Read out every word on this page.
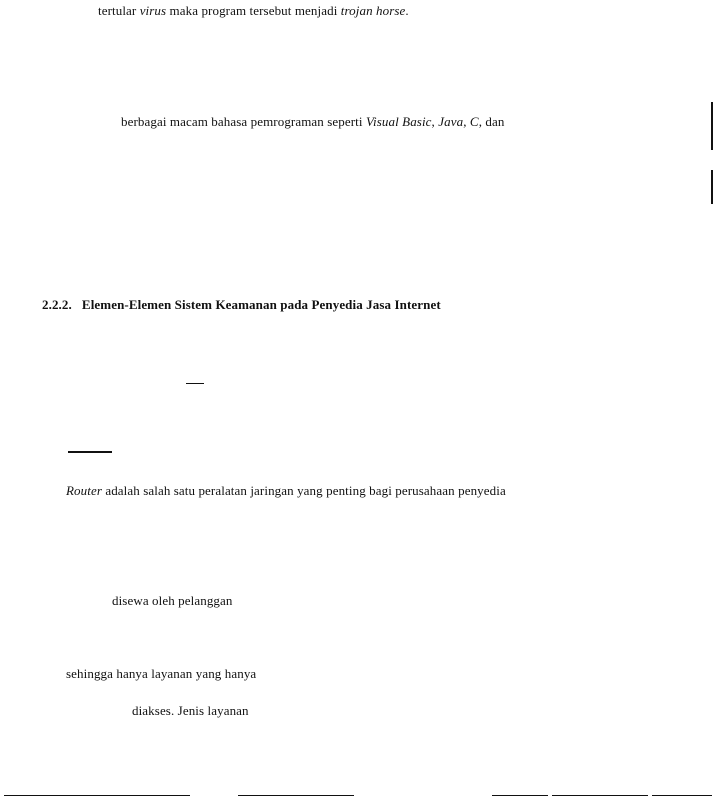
tertular virus maka program tersebut menjadi trojan horse.
berbagai macam bahasa pemrograman seperti Visual Basic, Java, C, dan
2.2.2. Elemen-Elemen Sistem Keamanan pada Penyedia Jasa Internet
Router adalah salah satu peralatan jaringan yang penting bagi perusahaan penyedia
disewa oleh pelanggan
sehingga hanya layanan yang hanya
diakses. Jenis layanan
